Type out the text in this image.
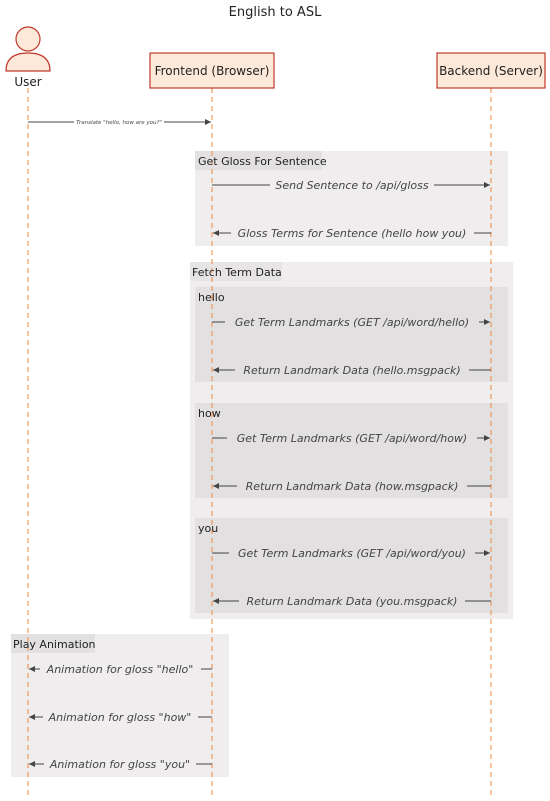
English to ASL
User
Frontend (Browser)	Backend (Server)
Translate "hello, how are you?"
Get Gloss For Sentence
Send Sentence to /api/gloss
Gloss Terms for Sentence (hello how you)
Fetch Term Data
hello
Get Term Landmarks (GET /api/word/hello)
Return Landmark Data (hello.msgpack)
how
Get Term Landmarks (GET /api/word/how)
Return Landmark Data (how.msgpack)
you
Get Term Landmarks (GET /api/word/you)
Return Landmark Data (you.msgpack)
Play Animation
Animation for gloss "hello"
Animation for gloss "how"
Animation for gloss "you"
